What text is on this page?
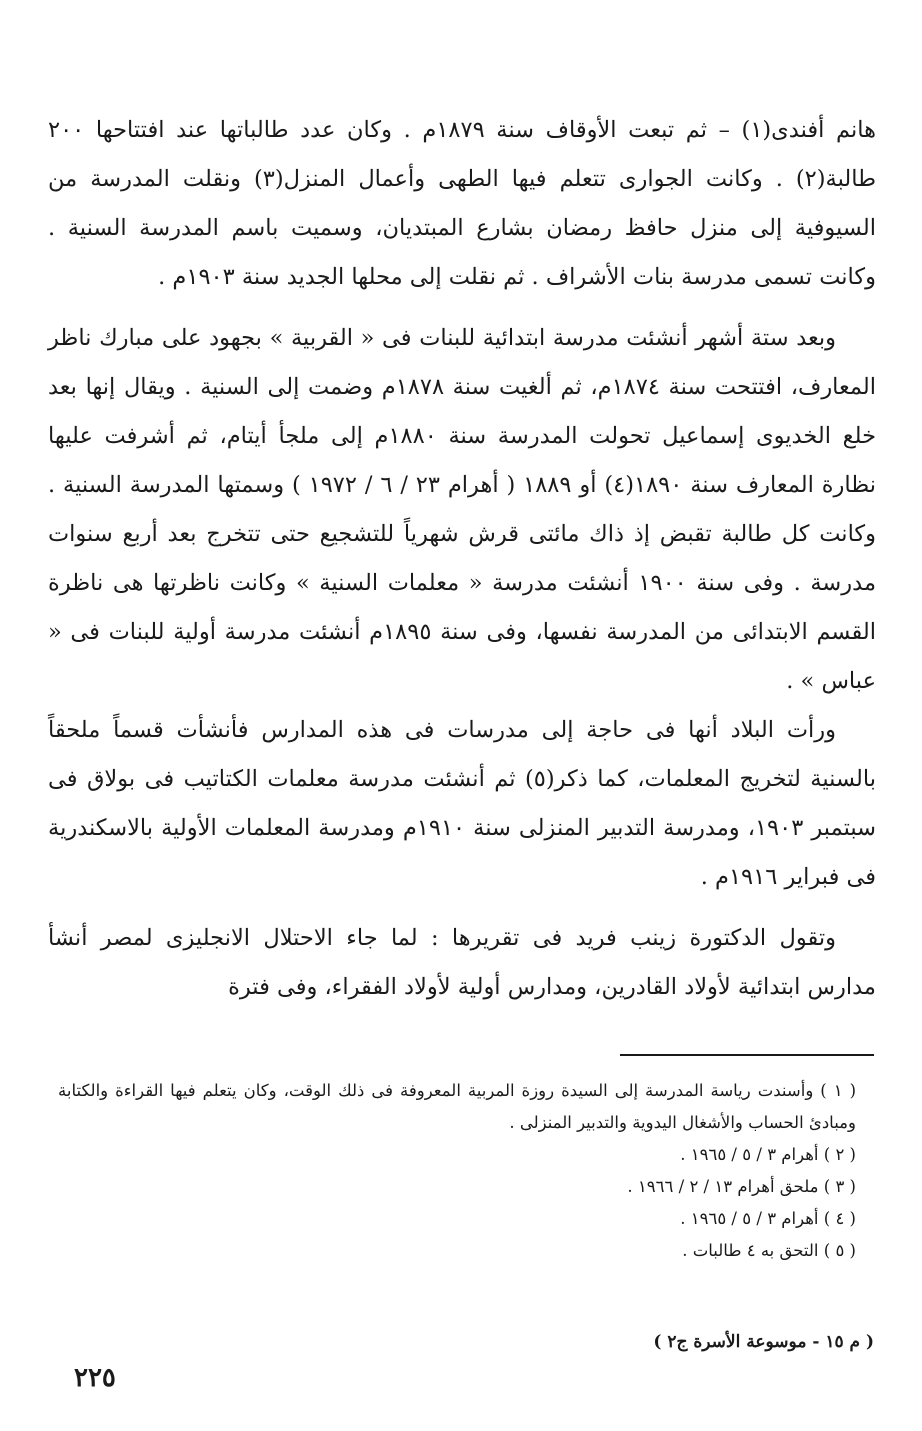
هانم أفندى(١) – ثم تبعت الأوقاف سنة ١٨٧٩م . وكان عدد طالباتها عند افتتاحها ٢٠٠ طالبة(٢) . وكانت الجوارى تتعلم فيها الطهى وأعمال المنزل(٣) ونقلت المدرسة من السيوفية إلى منزل حافظ رمضان بشارع المبتديان، وسميت باسم المدرسة السنية . وكانت تسمى مدرسة بنات الأشراف . ثم نقلت إلى محلها الجديد سنة ١٩٠٣م .

وبعد ستة أشهر أنشئت مدرسة ابتدائية للبنات فى « القربية » بجهود على مبارك ناظر المعارف، افتتحت سنة ١٨٧٤م، ثم ألغيت سنة ١٨٧٨م وضمت إلى السنية . ويقال إنها بعد خلع الخديوى إسماعيل تحولت المدرسة سنة ١٨٨٠م إلى ملجأ أيتام، ثم أشرفت عليها نظارة المعارف سنة ١٨٩٠(٤) أو ١٨٨٩ ( أهرام ٢٣ / ٦ / ١٩٧٢ ) وسمتها المدرسة السنية . وكانت كل طالبة تقبض إذ ذاك مائتى قرش شهرياً للتشجيع حتى تتخرج بعد أربع سنوات مدرسة . وفى سنة ١٩٠٠ أنشئت مدرسة « معلمات السنية » وكانت ناظرتها هى ناظرة القسم الابتدائى من المدرسة نفسها، وفى سنة ١٨٩٥م أنشئت مدرسة أولية للبنات فى « عباس » .

ورأت البلاد أنها فى حاجة إلى مدرسات فى هذه المدارس فأنشأت قسماً ملحقاً بالسنية لتخريج المعلمات، كما ذكر(٥) ثم أنشئت مدرسة معلمات الكتاتيب فى بولاق فى سبتمبر ١٩٠٣، ومدرسة التدبير المنزلى سنة ١٩١٠م ومدرسة المعلمات الأولية بالاسكندرية فى فبراير ١٩١٦م .

وتقول الدكتورة زينب فريد فى تقريرها : لما جاء الاحتلال الانجليزى لمصر أنشأ مدارس ابتدائية لأولاد القادرين، ومدارس أولية لأولاد الفقراء، وفى فترة

( ١ ) وأسندت رياسة المدرسة إلى السيدة روزة المربية المعروفة فى ذلك الوقت، وكان يتعلم فيها القراءة والكتابة ومبادئ الحساب والأشغال اليدوية والتدبير المنزلى .

( ٢ ) أهرام ٣ / ٥ / ١٩٦٥ .

( ٣ ) ملحق أهرام ١٣ / ٢ / ١٩٦٦ .

( ٤ ) أهرام ٣ / ٥ / ١٩٦٥ .

( ٥ ) التحق به ٤ طالبات .

( م ١٥ - موسوعة الأسرة ج٢ )
٢٢٥
